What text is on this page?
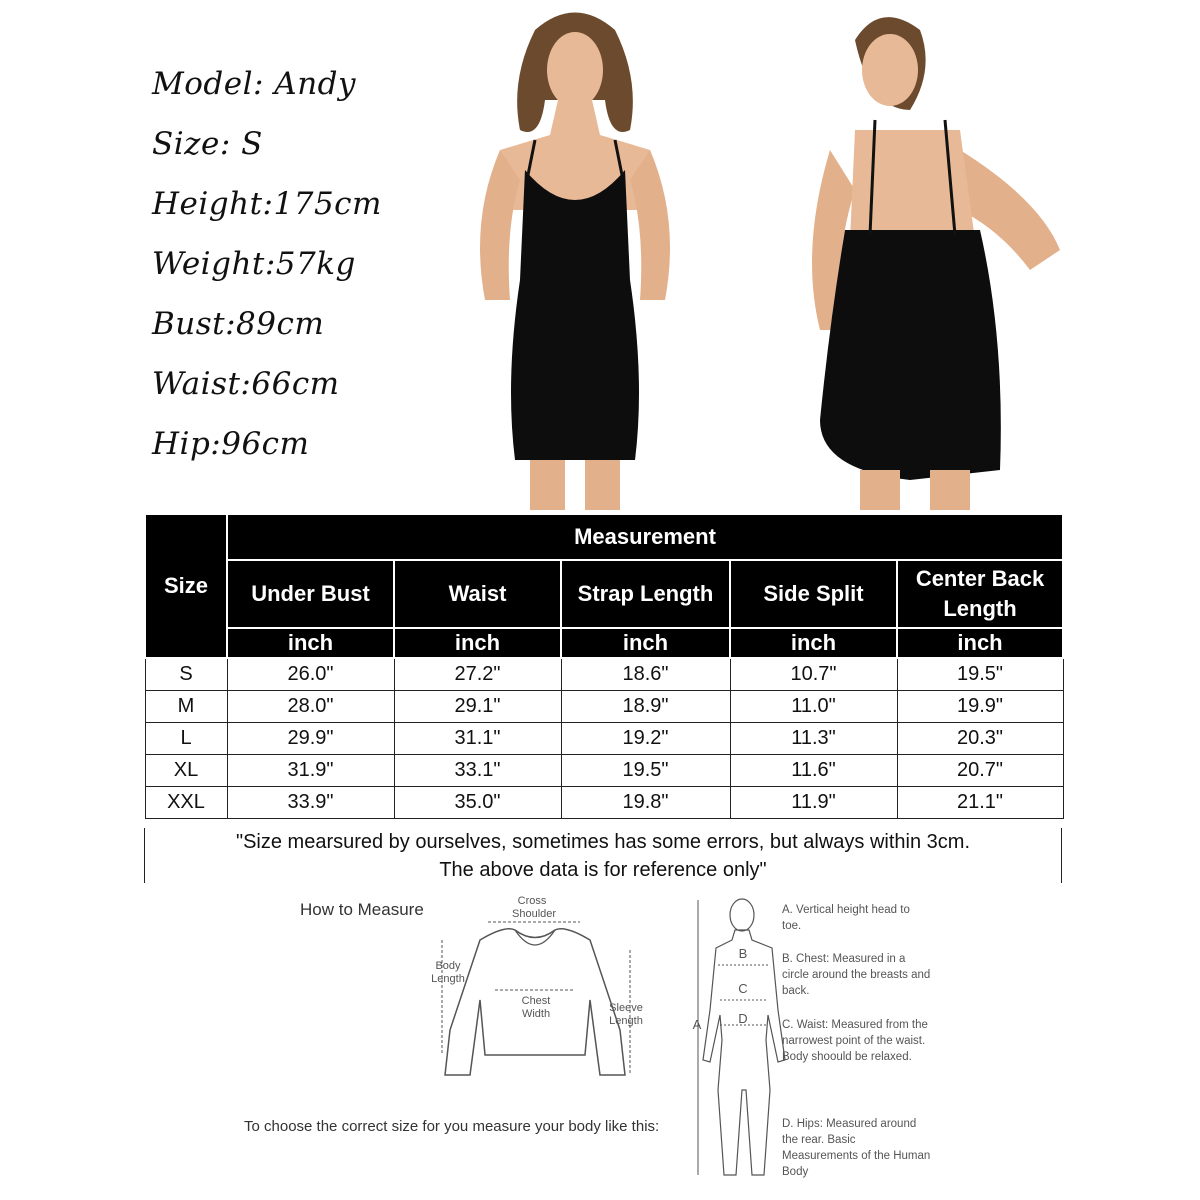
Model: Andy
Size: S
Height:175cm
Weight:57kg
Bust:89cm
Waist:66cm
Hip:96cm
Size	Measurement				
	Under Bust	Waist	Strap Length	Side Split	Center Back Length
	inch	inch	inch	inch	inch
S	26.0"	27.2"	18.6"	10.7"	19.5"
M	28.0"	29.1"	18.9"	11.0"	19.9"
L	29.9"	31.1"	19.2"	11.3"	20.3"
XL	31.9"	33.1"	19.5"	11.6"	20.7"
XXL	33.9"	35.0"	19.8"	11.9"	21.1"
"Size mearsured by ourselves, sometimes has some errors, but always within 3cm.
The above data is for reference only"
How to Measure	Cross Shoulder
Body Length
Chest Width	Sleeve Length	A
B
C
D
A. Vertical height head to toe.
B. Chest: Measured in a circle around the breasts and back.
C. Waist: Measured from the narrowest point of the waist. Body shoould be relaxed.
D. Hips: Measured around the rear. Basic Measurements of the Human Body
To choose the correct size for you measure your body like this:
